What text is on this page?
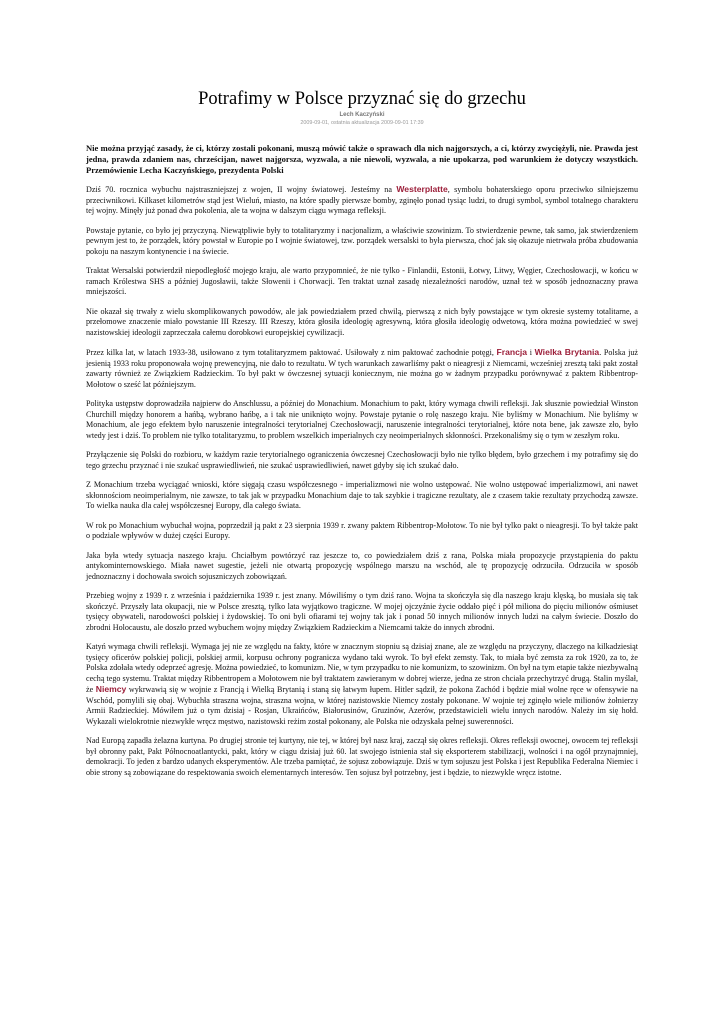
Potrafimy w Polsce przyznać się do grzechu
Lech Kaczyński
2009-09-01, ostatnia aktualizacja 2009-09-01 17:39

Nie można przyjąć zasady, że ci, którzy zostali pokonani, muszą mówić także o sprawach dla nich najgorszych, a ci, którzy zwyciężyli, nie. Prawda jest jedna, prawda zdaniem nas, chrześcijan, nawet najgorsza, wyzwala, a nie niewoli, wyzwala, a nie upokarza, pod warunkiem że dotyczy wszystkich. Przemówienie Lecha Kaczyńskiego, prezydenta Polski

Dziś 70. rocznica wybuchu najstraszniejszej z wojen, II wojny światowej. Jesteśmy na Westerplatte, symbolu bohaterskiego oporu przeciwko silniejszemu przeciwnikowi. Kilkaset kilometrów stąd jest Wieluń, miasto, na które spadły pierwsze bomby, zginęło ponad tysiąc ludzi, to drugi symbol, symbol totalnego charakteru tej wojny. Minęły już ponad dwa pokolenia, ale ta wojna w dalszym ciągu wymaga refleksji.

Powstaje pytanie, co było jej przyczyną. Niewątpliwie były to totalitaryzmy i nacjonalizm, a właściwie szowinizm. To stwierdzenie pewne, tak samo, jak stwierdzeniem pewnym jest to, że porządek, który powstał w Europie po I wojnie światowej, tzw. porządek wersalski to była pierwsza, choć jak się okazuje nietrwała próba zbudowania pokoju na naszym kontynencie i na świecie.

Traktat Wersalski potwierdził niepodległość mojego kraju, ale warto przypomnieć, że nie tylko - Finlandii, Estonii, Łotwy, Litwy, Węgier, Czechosłowacji, w końcu w ramach Królestwa SHS a później Jugosławii, także Słowenii i Chorwacji. Ten traktat uznał zasadę niezależności narodów, uznał też w sposób jednoznaczny prawa mniejszości.

Nie okazał się trwały z wielu skomplikowanych powodów, ale jak powiedziałem przed chwilą, pierwszą z nich były powstające w tym okresie systemy totalitarne, a przełomowe znaczenie miało powstanie III Rzeszy. III Rzeszy, która głosiła ideologię agresywną, która głosiła ideologię odwetową, która można powiedzieć w swej nazistowskiej ideologii zaprzeczała całemu dorobkowi europejskiej cywilizacji.

Przez kilka lat, w latach 1933-38, usiłowano z tym totalitaryzmem paktować. Usiłowały z nim paktować zachodnie potęgi, Francja i Wielka Brytania. Polska już jesienią 1933 roku proponowała wojnę prewencyjną, nie dało to rezultatu. W tych warunkach zawarliśmy pakt o nieagresji z Niemcami, wcześniej zresztą taki pakt został zawarty również ze Związkiem Radzieckim. To był pakt w ówczesnej sytuacji koniecznym, nie można go w żadnym przypadku porównywać z paktem Ribbentrop-Mołotow o sześć lat późniejszym.

Polityka ustępstw doprowadziła najpierw do Anschlussu, a później do Monachium. Monachium to pakt, który wymaga chwili refleksji. Jak słusznie powiedział Winston Churchill między honorem a hańbą, wybrano hańbę, a i tak nie uniknięto wojny. Powstaje pytanie o rolę naszego kraju. Nie byliśmy w Monachium. Nie byliśmy w Monachium, ale jego efektem było naruszenie integralności terytorialnej Czechosłowacji, naruszenie integralności terytorialnej, które nota bene, jak zawsze zło, było wtedy jest i dziś. To problem nie tylko totalitaryzmu, to problem wszelkich imperialnych czy neoimperialnych skłonności. Przekonaliśmy się o tym w zeszłym roku.

Przyłączenie się Polski do rozbioru, w każdym razie terytorialnego ograniczenia ówczesnej Czechosłowacji było nie tylko błędem, było grzechem i my potrafimy się do tego grzechu przyznać i nie szukać usprawiedliwień, nie szukać usprawiedliwień, nawet gdyby się ich szukać dało.

Z Monachium trzeba wyciągać wnioski, które sięgają czasu współczesnego - imperializmowi nie wolno ustępować. Nie wolno ustępować imperializmowi, ani nawet skłonnościom neoimperialnym, nie zawsze, to tak jak w przypadku Monachium daje to tak szybkie i tragiczne rezultaty, ale z czasem takie rezultaty przychodzą zawsze. To wielka nauka dla całej współczesnej Europy, dla całego świata.

W rok po Monachium wybuchał wojna, poprzedził ją pakt z 23 sierpnia 1939 r. zwany paktem Ribbentrop-Mołotow. To nie był tylko pakt o nieagresji. To był także pakt o podziale wpływów w dużej części Europy.

Jaka była wtedy sytuacja naszego kraju. Chciałbym powtórzyć raz jeszcze to, co powiedziałem dziś z rana, Polska miała propozycje przystąpienia do paktu antykominternowskiego. Miała nawet sugestie, jeżeli nie otwartą propozycję wspólnego marszu na wschód, ale tę propozycję odrzuciła. Odrzuciła w sposób jednoznaczny i dochowała swoich sojuszniczych zobowiązań.

Przebieg wojny z 1939 r. z września i października 1939 r. jest znany. Mówiliśmy o tym dziś rano. Wojna ta skończyła się dla naszego kraju klęską, bo musiała się tak skończyć. Przyszły lata okupacji, nie w Polsce zresztą, tylko lata wyjątkowo tragiczne. W mojej ojczyźnie życie oddało pięć i pół miliona do pięciu milionów ośmiuset tysięcy obywateli, narodowości polskiej i żydowskiej. To oni byli ofiarami tej wojny tak jak i ponad 50 innych milionów innych ludzi na całym świecie. Doszło do zbrodni Holocaustu, ale doszło przed wybuchem wojny między Związkiem Radzieckim a Niemcami także do innych zbrodni.

Katyń wymaga chwili refleksji. Wymaga jej nie ze względu na fakty, które w znacznym stopniu są dzisiaj znane, ale ze względu na przyczyny, dlaczego na kilkadziesiąt tysięcy oficerów polskiej policji, polskiej armii, korpusu ochrony pogranicza wydano taki wyrok. To był efekt zemsty. Tak, to miała być zemsta za rok 1920, za to, że Polska zdołała wtedy odeprzeć agresję. Można powiedzieć, to komunizm. Nie, w tym przypadku to nie komunizm, to szowinizm. On był na tym etapie także niezbywalną cechą tego systemu. Traktat między Ribbentropem a Mołotowem nie był traktatem zawieranym w dobrej wierze, jedna ze stron chciała przechytrzyć drugą. Stalin myślał, że Niemcy wykrwawią się w wojnie z Francją i Wielką Brytanią i staną się łatwym łupem. Hitler sądził, że pokona Zachód i będzie miał wolne ręce w ofensywie na Wschód, pomylili się obaj. Wybuchła straszna wojna, straszna wojna, w której nazistowskie Niemcy zostały pokonane. W wojnie tej zginęło wiele milionów żołnierzy Armii Radzieckiej. Mówiłem już o tym dzisiaj - Rosjan, Ukraińców, Białorusinów, Gruzinów, Azerów, przedstawicieli wielu innych narodów. Należy im się hołd. Wykazali wielokrotnie niezwykłe wręcz męstwo, nazistowski reżim został pokonany, ale Polska nie odzyskała pełnej suwerenności.

Nad Europą zapadła żelazna kurtyna. Po drugiej stronie tej kurtyny, nie tej, w której był nasz kraj, zaczął się okres refleksji. Okres refleksji owocnej, owocem tej refleksji był obronny pakt, Pakt Północnoatlantycki, pakt, który w ciągu dzisiaj już 60. lat swojego istnienia stał się eksporterem stabilizacji, wolności i na ogół przynajmniej, demokracji. To jeden z bardzo udanych eksperymentów. Ale trzeba pamiętać, że sojusz zobowiązuje. Dziś w tym sojuszu jest Polska i jest Republika Federalna Niemiec i obie strony są zobowiązane do respektowania swoich elementarnych interesów. Ten sojusz był potrzebny, jest i będzie, to niezwykle wręcz istotne.
